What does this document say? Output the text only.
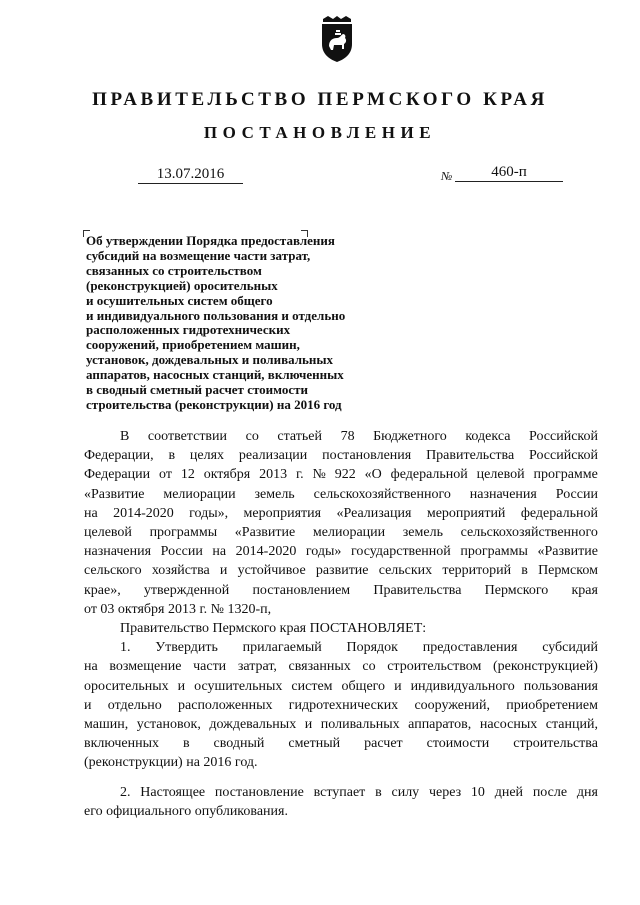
ПРАВИТЕЛЬСТВО ПЕРМСКОГО КРАЯ
ПОСТАНОВЛЕНИЕ
13.07.2016	№	460-п
Об утверждении Порядка предоставления
субсидий на возмещение части затрат,
связанных со строительством
(реконструкцией) оросительных
и осушительных систем общего
и индивидуального пользования и отдельно
расположенных гидротехнических
сооружений, приобретением машин,
установок, дождевальных и поливальных
аппаратов, насосных станций, включенных
в сводный сметный расчет стоимости
строительства (реконструкции) на 2016 год
В соответствии со статьей 78 Бюджетного кодекса Российской
Федерации, в целях реализации постановления Правительства Российской
Федерации от 12 октября 2013 г. № 922 «О федеральной целевой программе
«Развитие мелиорации земель сельскохозяйственного назначения России
на 2014-2020 годы», мероприятия «Реализация мероприятий федеральной
целевой программы «Развитие мелиорации земель сельскохозяйственного
назначения России на 2014-2020 годы» государственной программы «Развитие
сельского хозяйства и устойчивое развитие сельских территорий в Пермском
крае», утвержденной постановлением Правительства Пермского края
от 03 октября 2013 г. № 1320-п,
Правительство Пермского края ПОСТАНОВЛЯЕТ:
1. Утвердить прилагаемый Порядок предоставления субсидий
на возмещение части затрат, связанных со строительством (реконструкцией)
оросительных и осушительных систем общего и индивидуального пользования
и отдельно расположенных гидротехнических сооружений, приобретением
машин, установок, дождевальных и поливальных аппаратов, насосных станций,
включенных в сводный сметный расчет стоимости строительства
(реконструкции) на 2016 год.
2. Настоящее постановление вступает в силу через 10 дней после дня
его официального опубликования.
